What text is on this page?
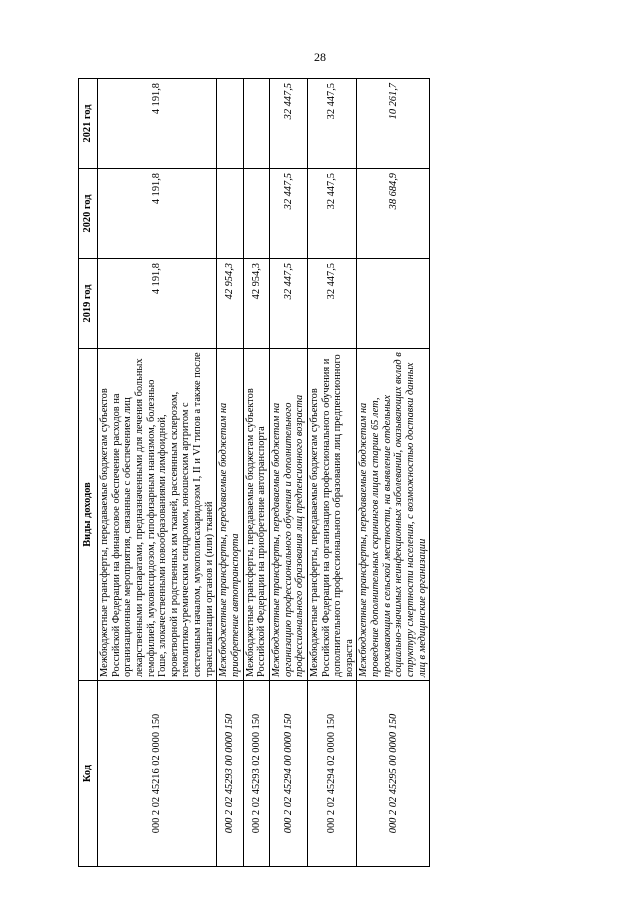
28
Код	Виды доходов	2019 год	2020 год	2021 год
000 2 02 45216 02 0000 150	Межбюджетные трансферты, передаваемые бюджетам субъектов Российской Федерации на финансовое обеспечение расходов на организационные мероприятия, связанные с обеспечением лиц лекарственными препаратами, предназначенными для лечения больных гемофилией, муковисцидозом, гипофизарным нанизмом, болезнью Гоше, злокачественными новообразованиями лимфоидной, кроветворной и родственных им тканей, рассеянным склерозом, гемолитико-уремическим синдромом, юношеским артритом с системным началом, мукополисахаридозом I, II и VI типов а также после трансплантации органов и (или) тканей	4 191,8	4 191,8	4 191,8
000 2 02 45293 00 0000 150	Межбюджетные трансферты, передаваемые бюджетам на приобретение автотранспорта	42 954,3		
000 2 02 45293 02 0000 150	Межбюджетные трансферты, передаваемые бюджетам субъектов Российской Федерации на приобретение автотранспорта	42 954,3		
000 2 02 45294 00 0000 150	Межбюджетные трансферты, передаваемые бюджетам на организацию профессионального обучения и дополнительного профессионального образования лиц предпенсионного возраста	32 447,5	32 447,5	32 447,5
000 2 02 45294 02 0000 150	Межбюджетные трансферты, передаваемые бюджетам субъектов Российской Федерации на организацию профессионального обучения и дополнительного профессионального образования лиц предпенсионного возраста	32 447,5	32 447,5	32 447,5
000 2 02 45295 00 0000 150	Межбюджетные трансферты, передаваемые бюджетам на проведение дополнительных скринингов лицам старше 65 лет, проживающим в сельской местности, на выявление отдельных социально-значимых неинфекционных заболеваний, оказывающих вклад в структуру смертности населения, с возможностью доставки данных лиц в медицинские организации		38 684,9	10 261,7
